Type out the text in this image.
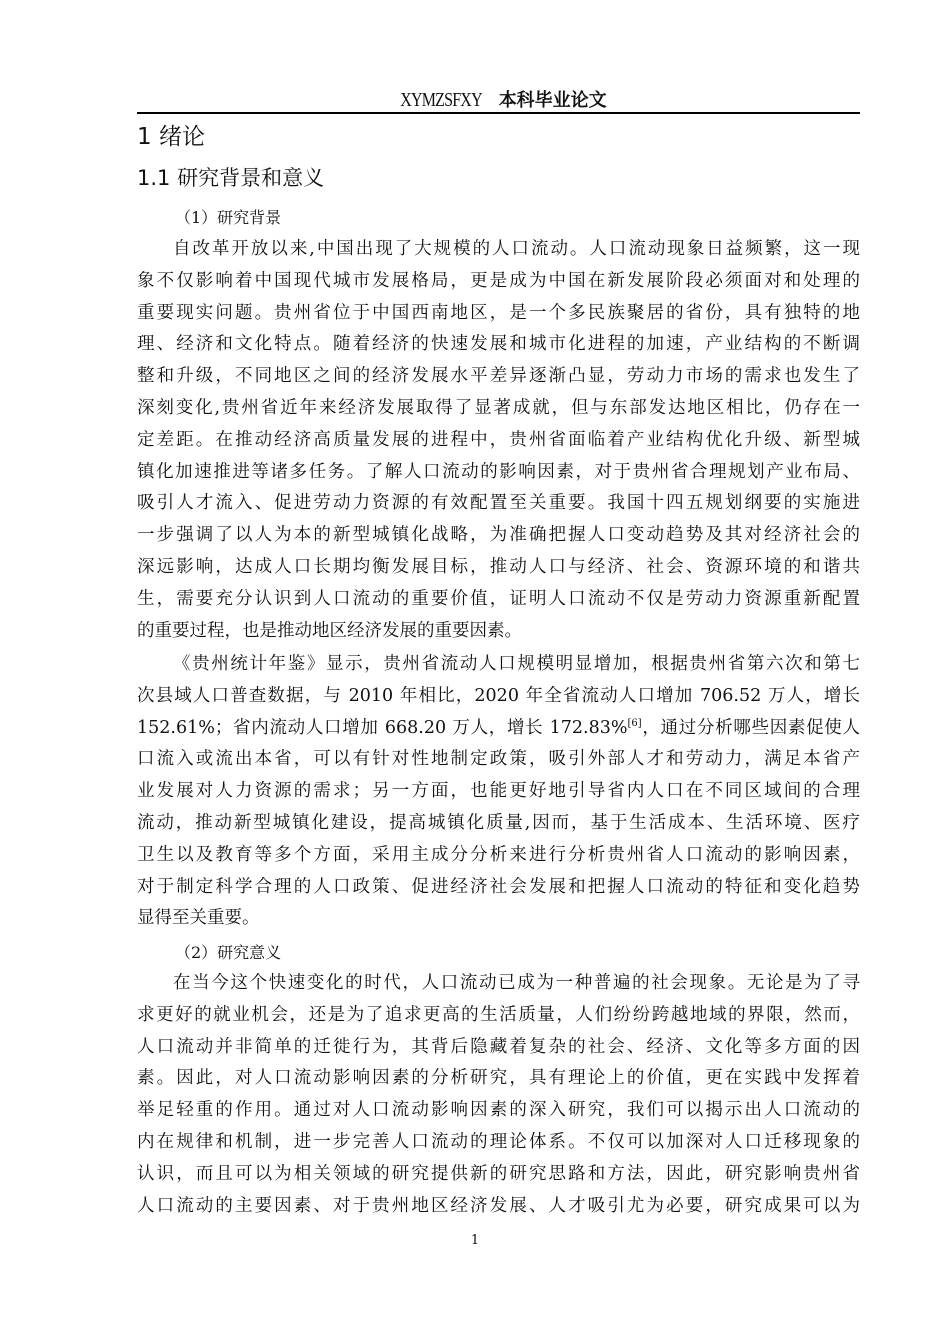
XYMZSFXY 本科毕业论文
1 绪论
1.1 研究背景和意义
（1）研究背景
自改革开放以来,中国出现了大规模的人口流动。人口流动现象日益频繁，这一现
象不仅影响着中国现代城市发展格局，更是成为中国在新发展阶段必须面对和处理的
重要现实问题。贵州省位于中国西南地区，是一个多民族聚居的省份，具有独特的地
理、经济和文化特点。随着经济的快速发展和城市化进程的加速，产业结构的不断调
整和升级，不同地区之间的经济发展水平差异逐渐凸显，劳动力市场的需求也发生了
深刻变化,贵州省近年来经济发展取得了显著成就，但与东部发达地区相比，仍存在一
定差距。在推动经济高质量发展的进程中，贵州省面临着产业结构优化升级、新型城
镇化加速推进等诸多任务。了解人口流动的影响因素，对于贵州省合理规划产业布局、
吸引人才流入、促进劳动力资源的有效配置至关重要。我国十四五规划纲要的实施进
一步强调了以人为本的新型城镇化战略，为准确把握人口变动趋势及其对经济社会的
深远影响，达成人口长期均衡发展目标，推动人口与经济、社会、资源环境的和谐共
生，需要充分认识到人口流动的重要价值，证明人口流动不仅是劳动力资源重新配置
的重要过程，也是推动地区经济发展的重要因素。
《贵州统计年鉴》显示，贵州省流动人口规模明显增加，根据贵州省第六次和第七
次县域人口普查数据，与 2010 年相比，2020 年全省流动人口增加 706.52 万人，增长
152.61%；省内流动人口增加 668.20 万人，增长 172.83%[6]，通过分析哪些因素促使人
口流入或流出本省，可以有针对性地制定政策，吸引外部人才和劳动力，满足本省产
业发展对人力资源的需求；另一方面，也能更好地引导省内人口在不同区域间的合理
流动，推动新型城镇化建设，提高城镇化质量,因而，基于生活成本、生活环境、医疗
卫生以及教育等多个方面，采用主成分分析来进行分析贵州省人口流动的影响因素，
对于制定科学合理的人口政策、促进经济社会发展和把握人口流动的特征和变化趋势
显得至关重要。
（2）研究意义
在当今这个快速变化的时代，人口流动已成为一种普遍的社会现象。无论是为了寻
求更好的就业机会，还是为了追求更高的生活质量，人们纷纷跨越地域的界限，然而，
人口流动并非简单的迁徙行为，其背后隐藏着复杂的社会、经济、文化等多方面的因
素。因此，对人口流动影响因素的分析研究，具有理论上的价值，更在实践中发挥着
举足轻重的作用。通过对人口流动影响因素的深入研究，我们可以揭示出人口流动的
内在规律和机制，进一步完善人口流动的理论体系。不仅可以加深对人口迁移现象的
认识，而且可以为相关领域的研究提供新的研究思路和方法，因此，研究影响贵州省
人口流动的主要因素、对于贵州地区经济发展、人才吸引尤为必要，研究成果可以为
1
